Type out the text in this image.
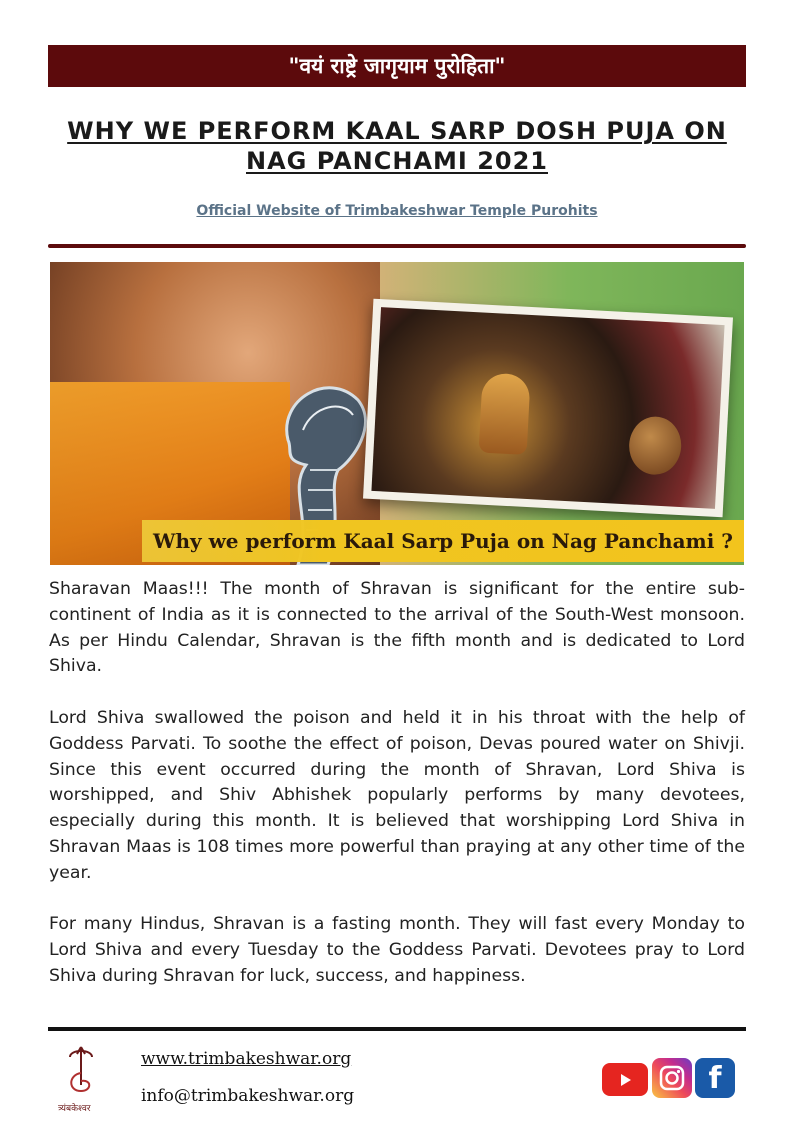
"वयं राष्ट्रे जागृयाम पुरोहिता"
WHY WE PERFORM KAAL SARP DOSH PUJA ON
NAG PANCHAMI 2021
Official Website of Trimbakeshwar Temple Purohits
Why we perform Kaal Sarp Puja on Nag Panchami ?

Sharavan Maas!!! The month of Shravan is significant for the entire sub-continent of India as it is connected to the arrival of the South-West monsoon. As per Hindu Calendar, Shravan is the fifth month and is dedicated to Lord Shiva.

Lord Shiva swallowed the poison and held it in his throat with the help of Goddess Parvati. To soothe the effect of poison, Devas poured water on Shivji. Since this event occurred during the month of Shravan, Lord Shiva is worshipped, and Shiv Abhishek popularly performs by many devotees, especially during this month. It is believed that worshipping Lord Shiva in Shravan Maas is 108 times more powerful than praying at any other time of the year.

For many Hindus, Shravan is a fasting month. They will fast every Monday to Lord Shiva and every Tuesday to the Goddess Parvati. Devotees pray to Lord Shiva during Shravan for luck, success, and happiness.

त्र्यंबकेश्वर
www.trimbakeshwar.org
info@trimbakeshwar.org
f
